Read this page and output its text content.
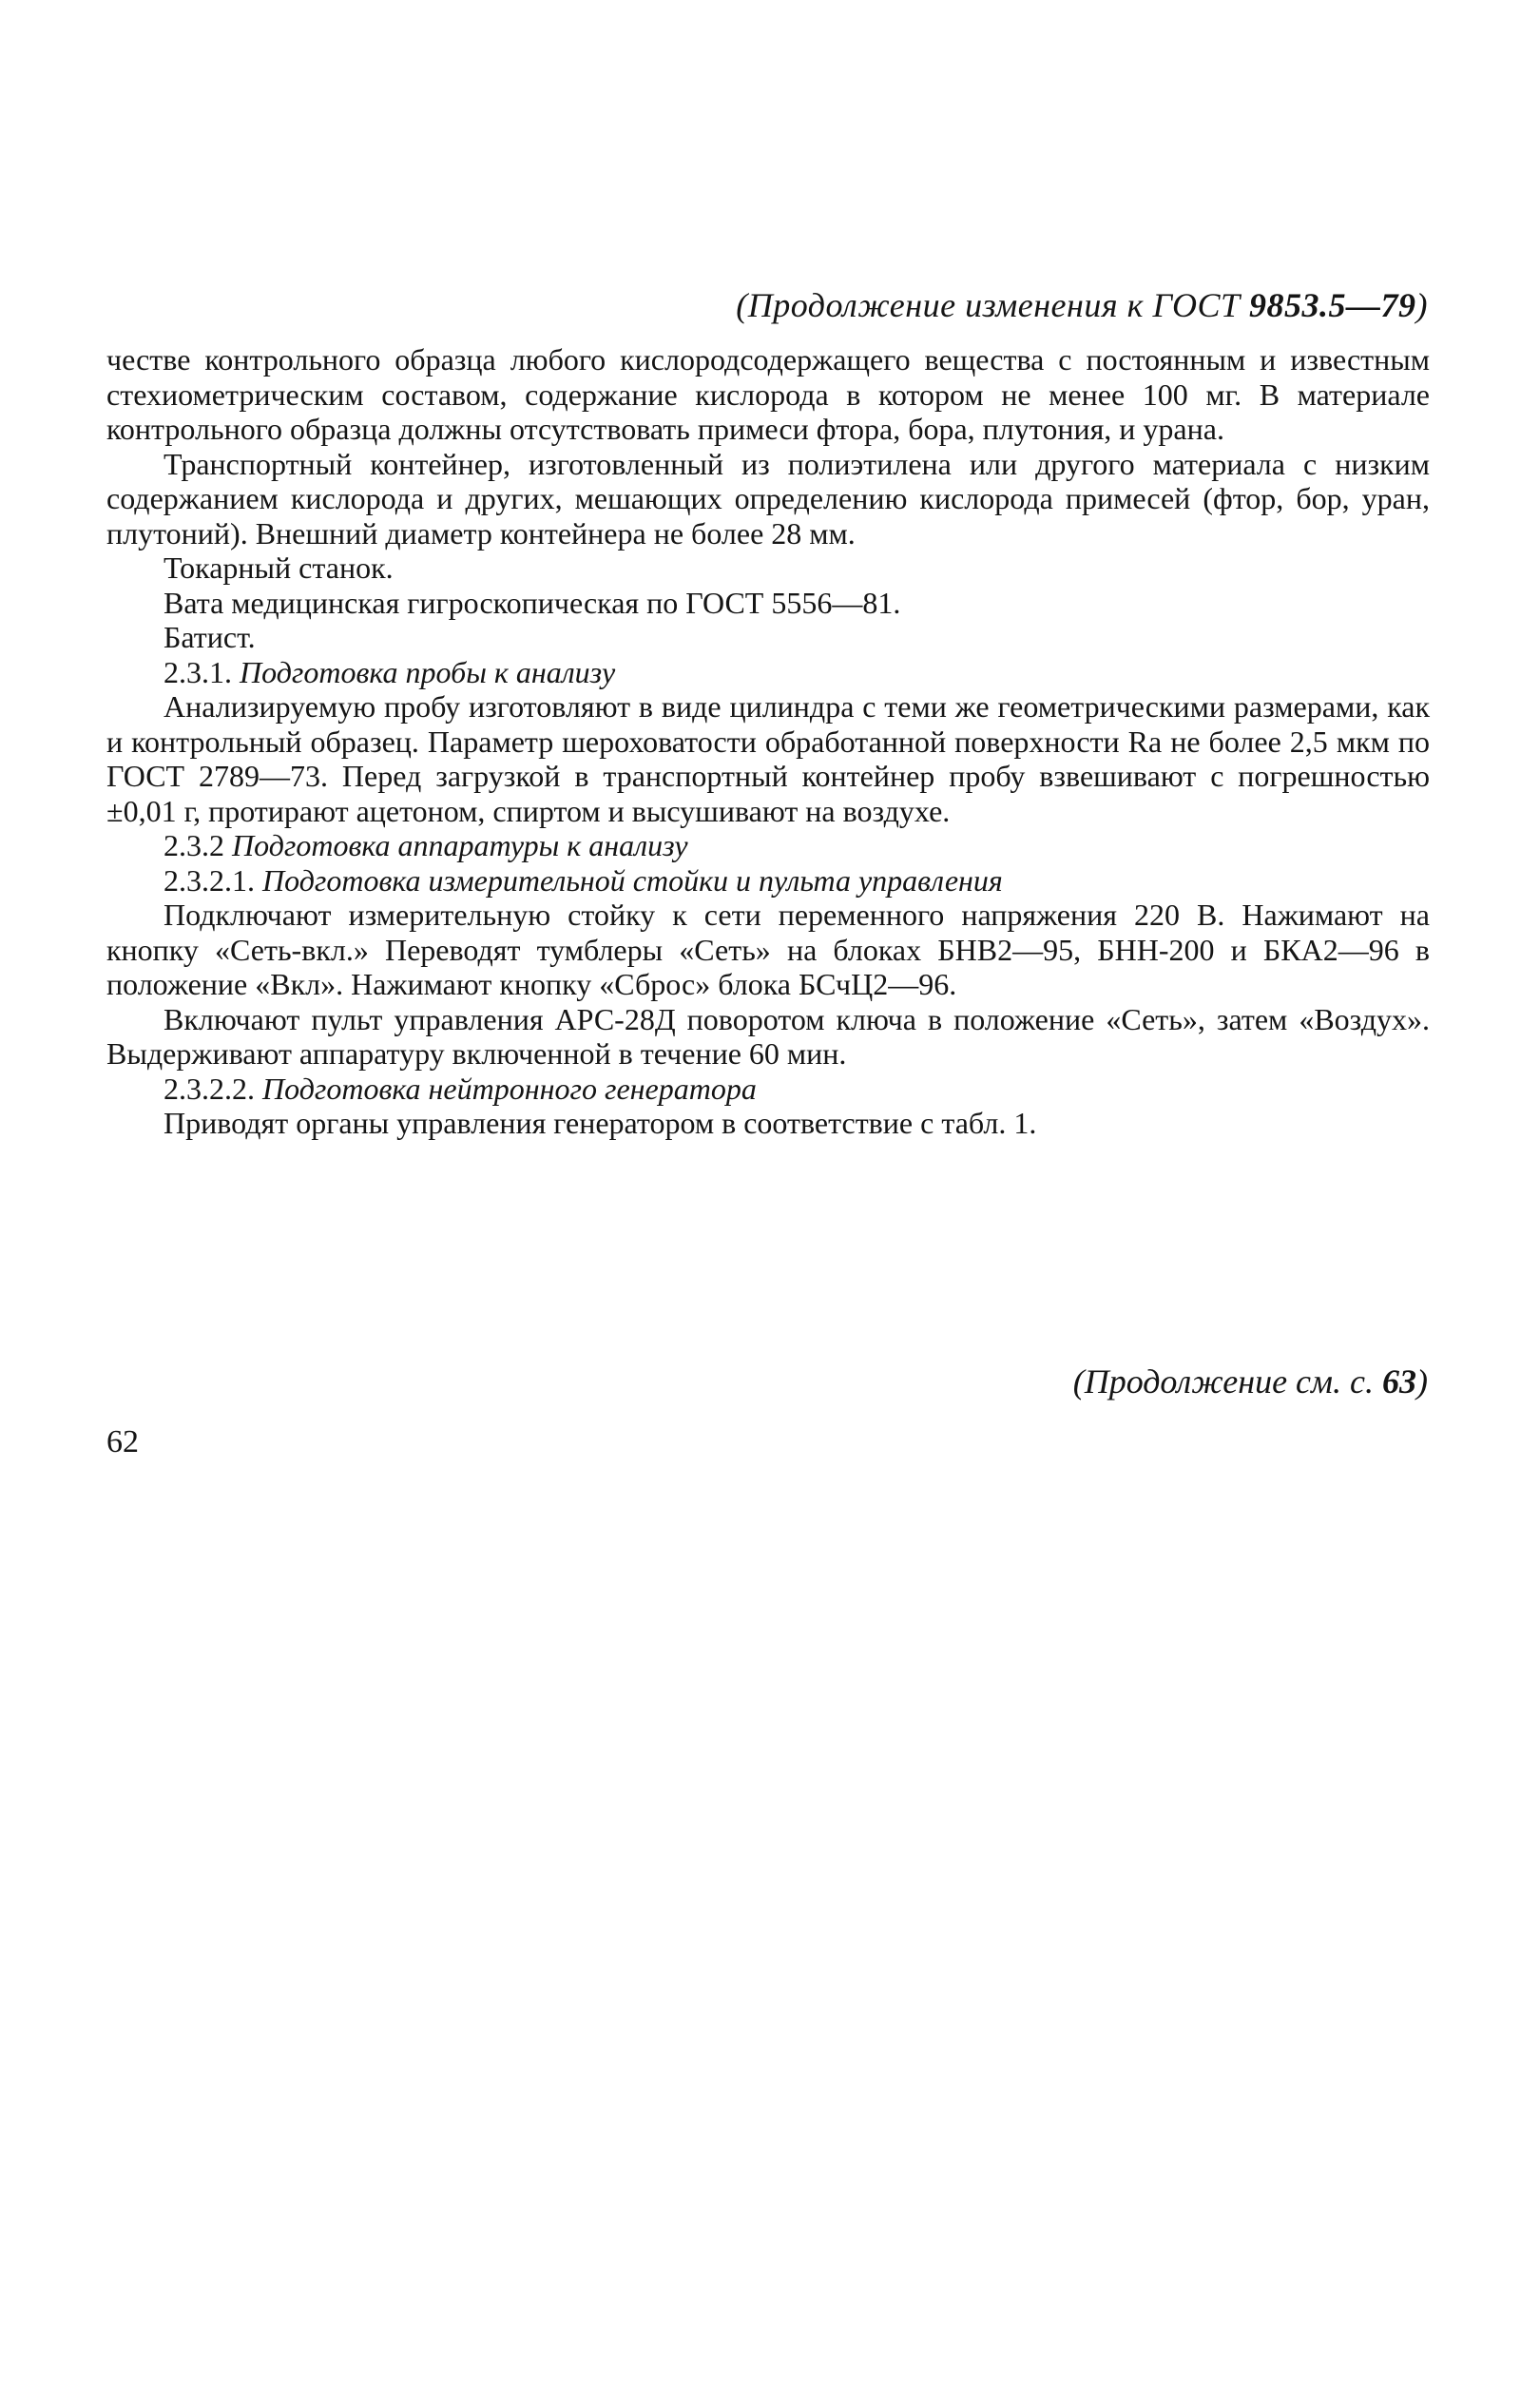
(Продолжение изменения к ГОСТ 9853.5—79)

честве контрольного образца любого кислородсодержащего вещества с постоянным и известным стехиометрическим составом, содержание кислорода в котором не менее 100 мг. В материале контрольного образца должны отсутствовать примеси фтора, бора, плутония, и урана.

Транспортный контейнер, изготовленный из полиэтилена или другого материала с низким содержанием кислорода и других, мешающих определению кислорода примесей (фтор, бор, уран, плутоний). Внешний диаметр контейнера не более 28 мм.

Токарный станок.

Вата медицинская гигроскопическая по ГОСТ 5556—81.

Батист.

2.3.1. Подготовка пробы к анализу

Анализируемую пробу изготовляют в виде цилиндра с теми же геометрическими размерами, как и контрольный образец. Параметр шероховатости обработанной поверхности Ra не более 2,5 мкм по ГОСТ 2789—73. Перед загрузкой в транспортный контейнер пробу взвешивают с погрешностью ±0,01 г, протирают ацетоном, спиртом и высушивают на воздухе.

2.3.2 Подготовка аппаратуры к анализу

2.3.2.1. Подготовка измерительной стойки и пульта управления

Подключают измерительную стойку к сети переменного напряжения 220 В. Нажимают на кнопку «Сеть-вкл.» Переводят тумблеры «Сеть» на блоках БНВ2—95, БНН-200 и БКА2—96 в положение «Вкл». Нажимают кнопку «Сброс» блока БСчЦ2—96.

Включают пульт управления АРС-28Д поворотом ключа в положение «Сеть», затем «Воздух». Выдерживают аппаратуру включенной в течение 60 мин.

2.3.2.2. Подготовка нейтронного генератора

Приводят органы управления генератором в соответствие с табл. 1.

(Продолжение см. с. 63)
62
